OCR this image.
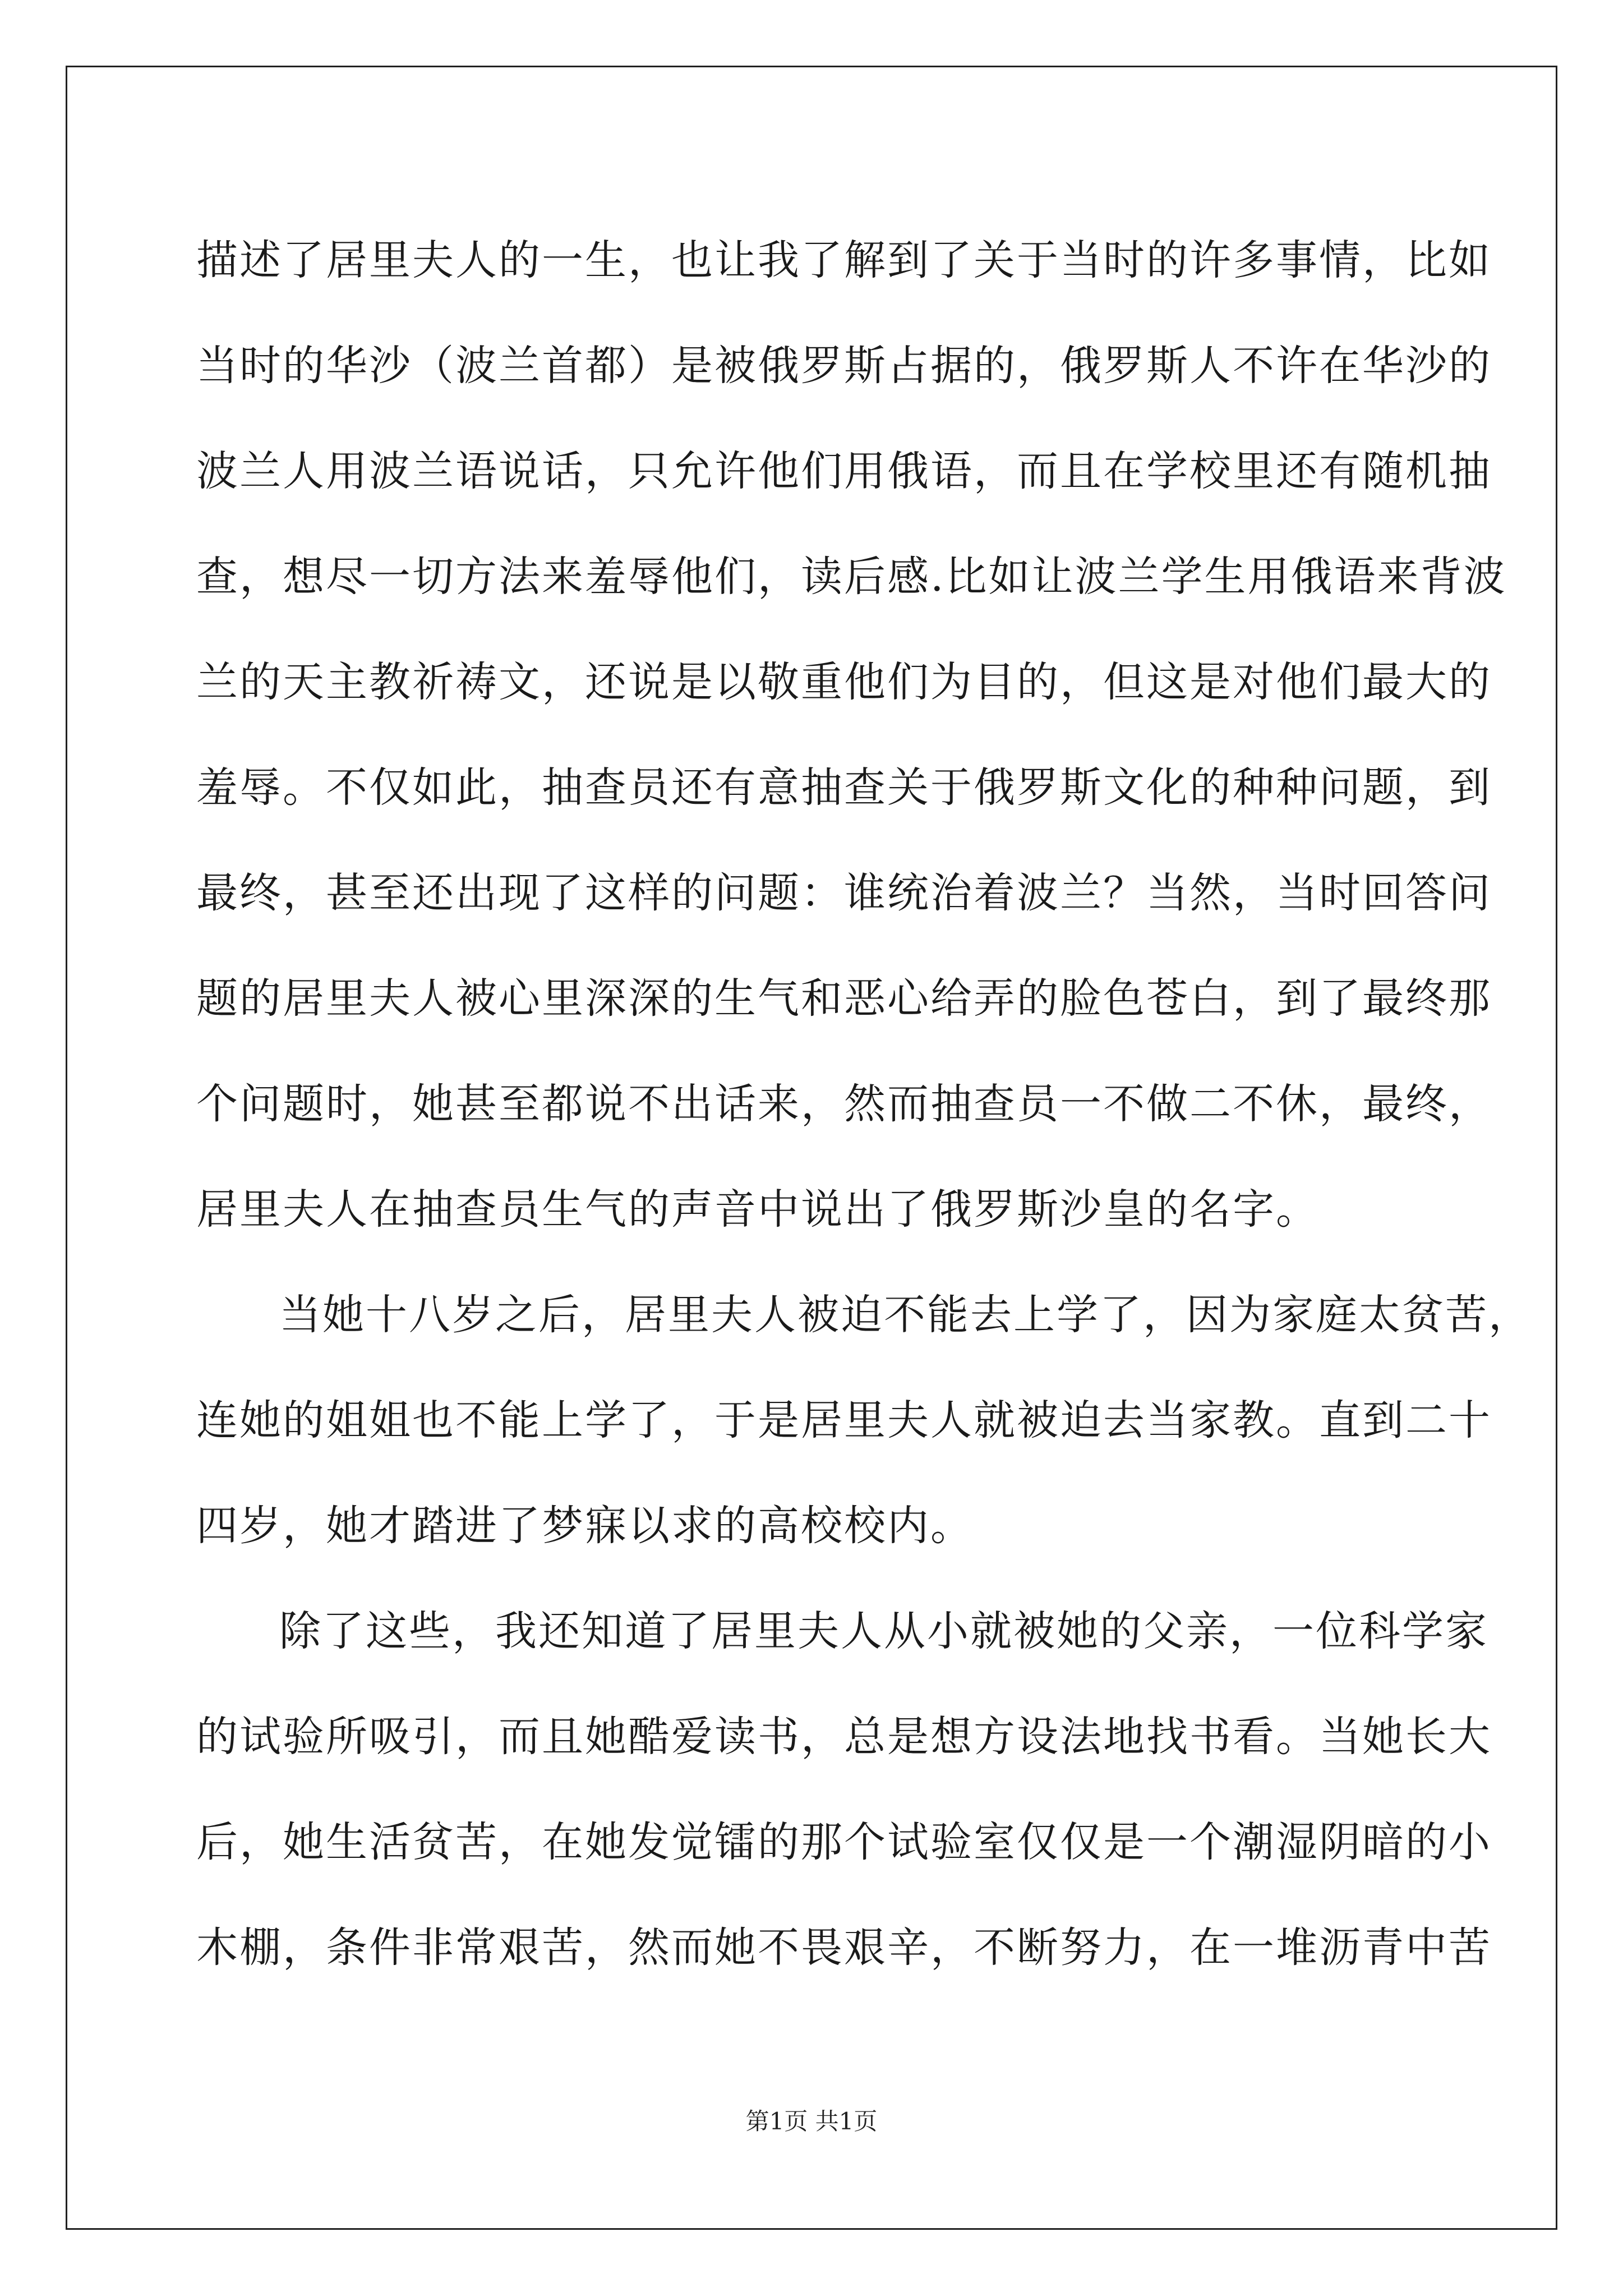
描述了居里夫人的一生，也让我了解到了关于当时的许多事情，比如
当时的华沙（波兰首都）是被俄罗斯占据的，俄罗斯人不许在华沙的
波兰人用波兰语说话，只允许他们用俄语，而且在学校里还有随机抽
查，想尽一切方法来羞辱他们，读后感.比如让波兰学生用俄语来背波
兰的天主教祈祷文，还说是以敬重他们为目的，但这是对他们最大的
羞辱。不仅如此，抽查员还有意抽查关于俄罗斯文化的种种问题，到
最终，甚至还出现了这样的问题：谁统治着波兰？当然，当时回答问
题的居里夫人被心里深深的生气和恶心给弄的脸色苍白，到了最终那
个问题时，她甚至都说不出话来，然而抽查员一不做二不休，最终，
居里夫人在抽查员生气的声音中说出了俄罗斯沙皇的名字。
当她十八岁之后，居里夫人被迫不能去上学了，因为家庭太贫苦，
连她的姐姐也不能上学了，于是居里夫人就被迫去当家教。直到二十
四岁，她才踏进了梦寐以求的高校校内。
除了这些，我还知道了居里夫人从小就被她的父亲，一位科学家
的试验所吸引，而且她酷爱读书，总是想方设法地找书看。当她长大
后，她生活贫苦，在她发觉镭的那个试验室仅仅是一个潮湿阴暗的小
木棚，条件非常艰苦，然而她不畏艰辛，不断努力，在一堆沥青中苦
第1页 共1页
